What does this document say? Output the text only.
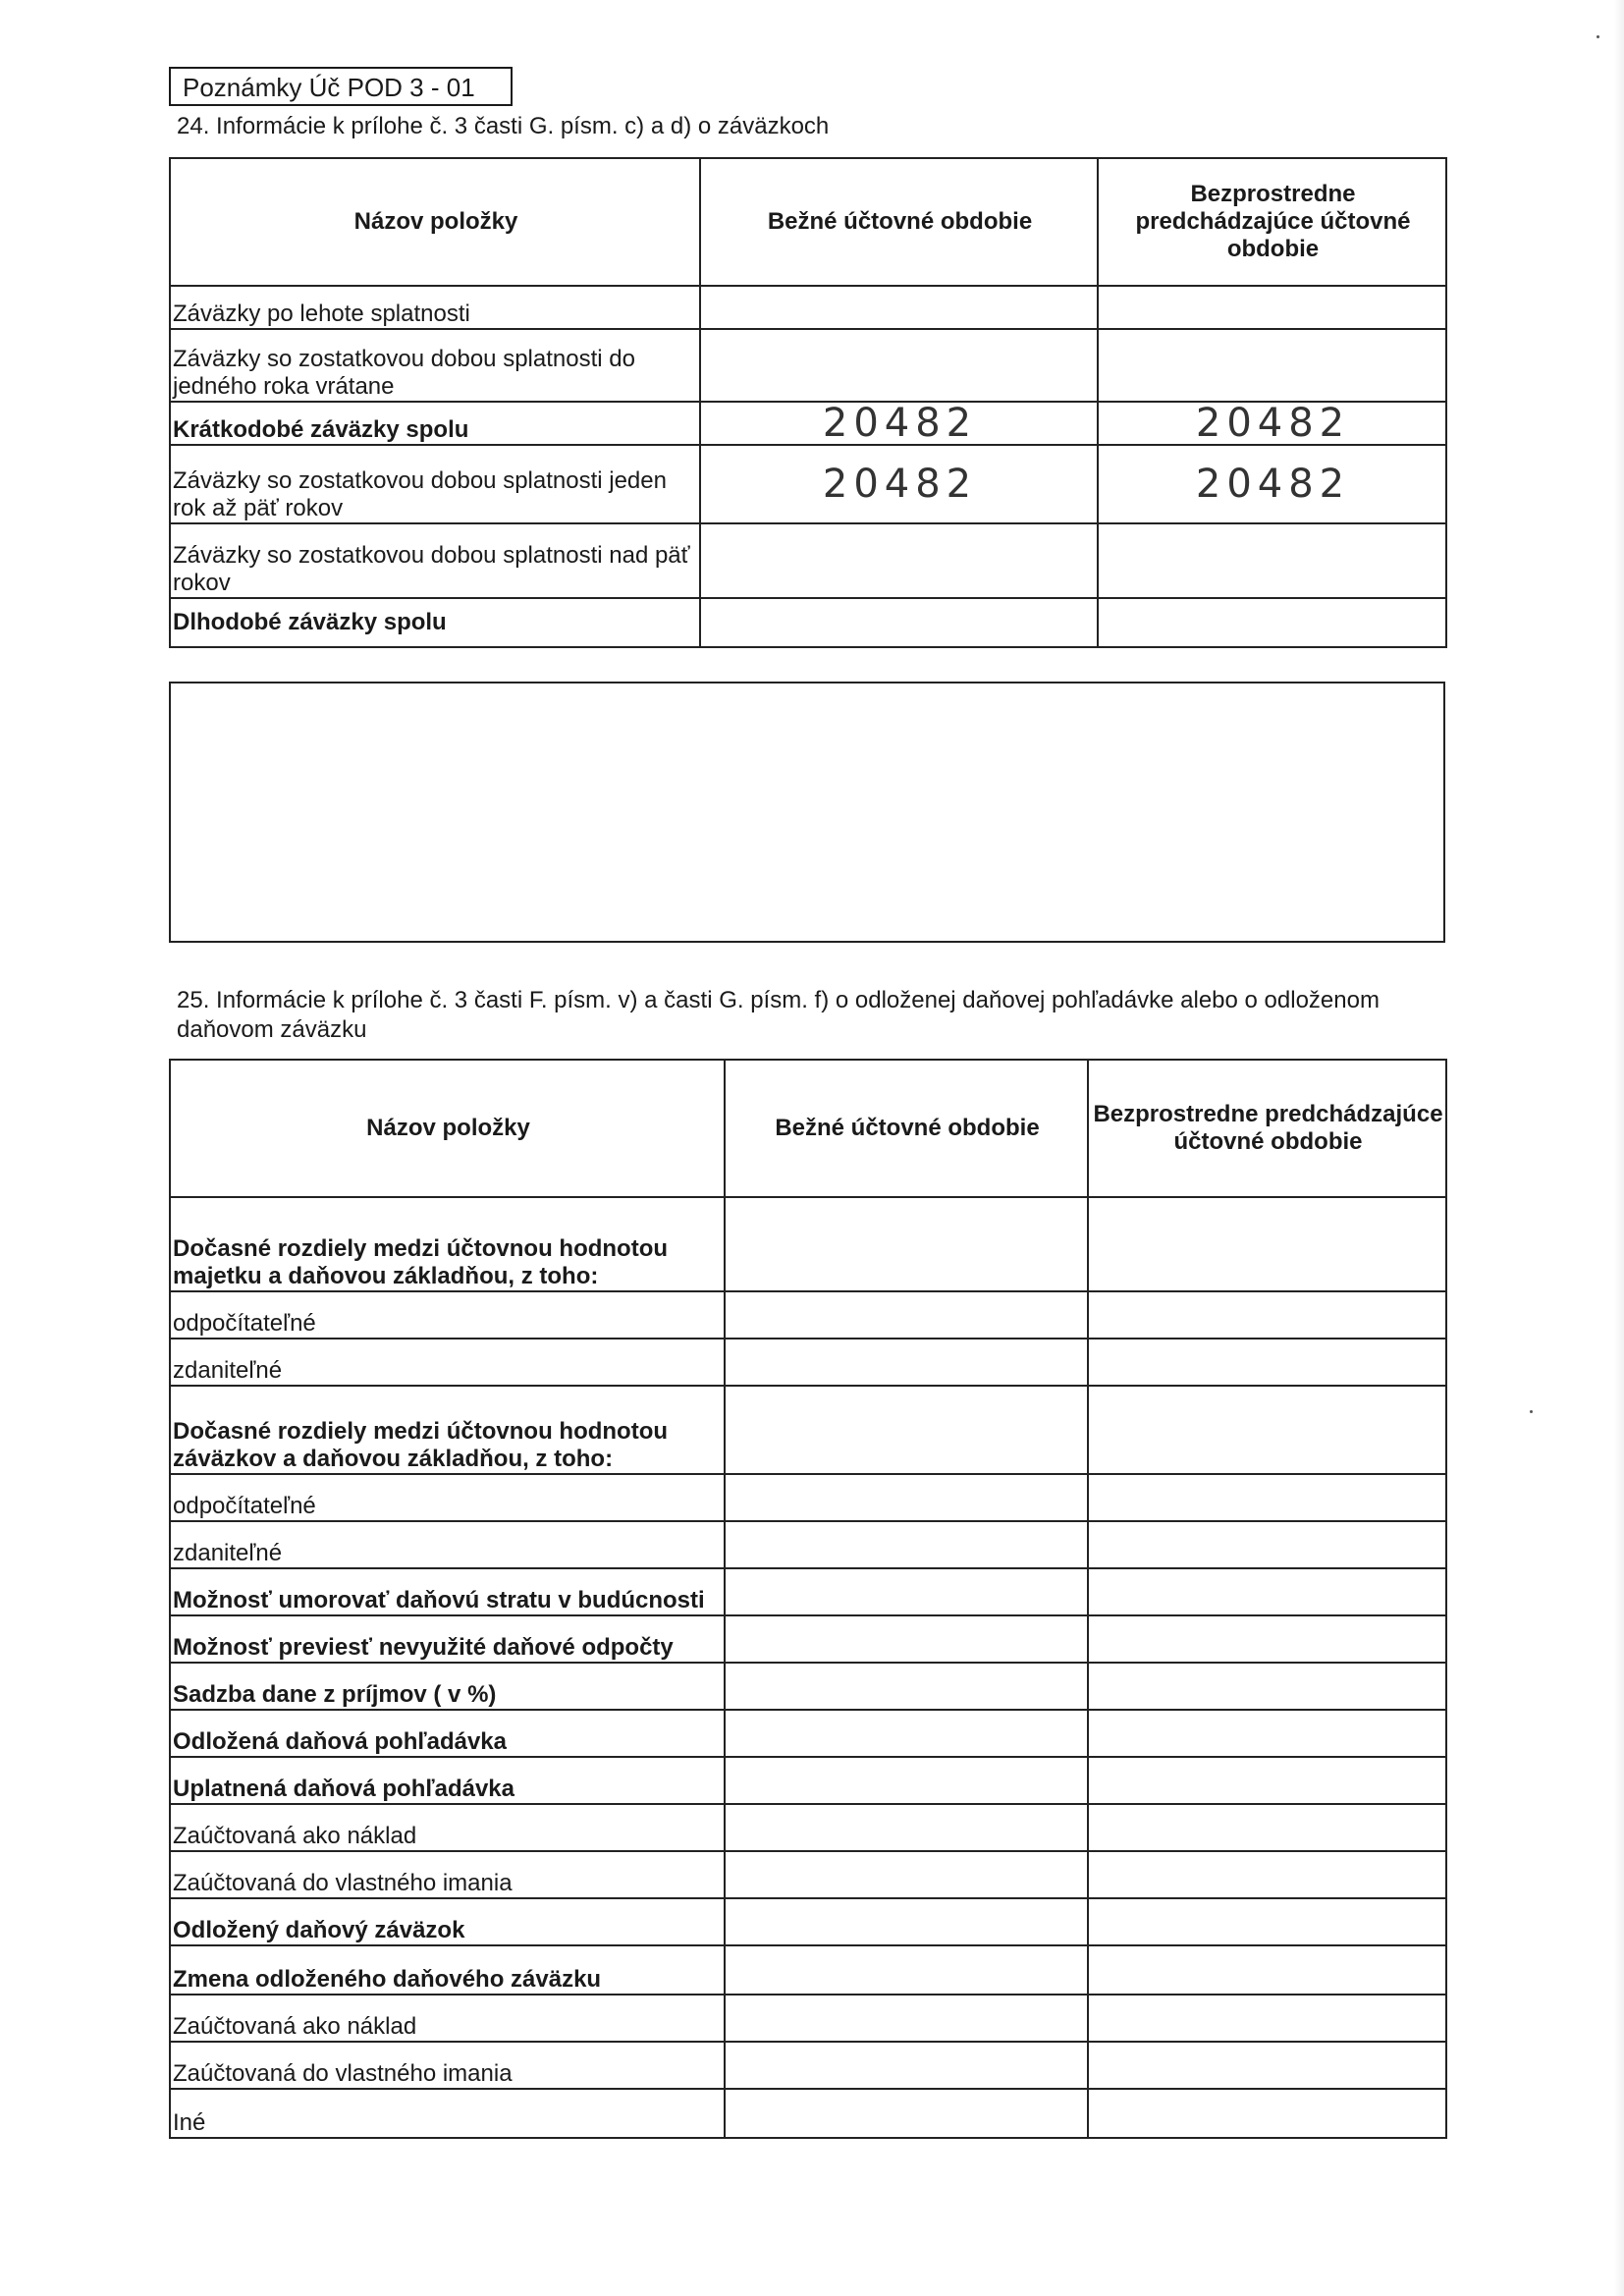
Poznámky Úč POD 3 - 01
24. Informácie k prílohe č. 3 časti G. písm. c) a d) o záväzkoch
Názov položky	Bežné účtovné obdobie	Bezprostredne predchádzajúce účtovné obdobie
Záväzky po lehote splatnosti		
Záväzky so zostatkovou dobou splatnosti do jedného roka vrátane		
Krátkodobé záväzky spolu	20482	20482
Záväzky so zostatkovou dobou splatnosti jeden rok až päť rokov	20482	20482
Záväzky so zostatkovou dobou splatnosti nad päť rokov		
Dlhodobé záväzky spolu		
25. Informácie k prílohe č. 3 časti F. písm. v) a časti G. písm. f) o odloženej daňovej pohľadávke alebo o odloženom daňovom záväzku
Názov položky	Bežné účtovné obdobie	Bezprostredne predchádzajúce účtovné obdobie
Dočasné rozdiely medzi účtovnou hodnotou majetku a daňovou základňou, z toho:		
odpočítateľné		
zdaniteľné		
Dočasné rozdiely medzi účtovnou hodnotou záväzkov a daňovou základňou, z toho:		
odpočítateľné		
zdaniteľné		
Možnosť umorovať daňovú stratu v budúcnosti		
Možnosť previesť nevyužité daňové odpočty		
Sadzba dane z príjmov ( v %)		
Odložená daňová pohľadávka		
Uplatnená daňová pohľadávka		
Zaúčtovaná ako náklad		
Zaúčtovaná do vlastného imania		
Odložený daňový záväzok		
Zmena odloženého daňového záväzku		
Zaúčtovaná ako náklad		
Zaúčtovaná do vlastného imania		
Iné		
